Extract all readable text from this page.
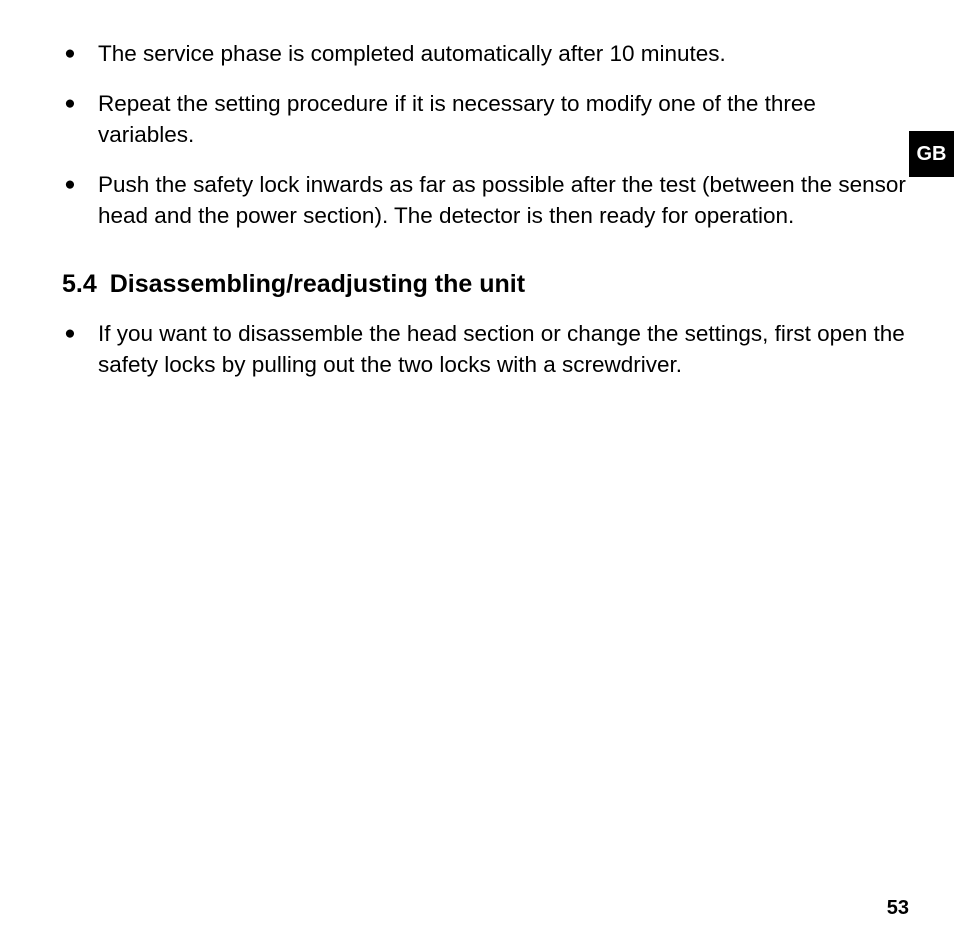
GB
● The service phase is completed automatically after 10 minutes.
● Repeat the setting procedure if it is necessary to modify one of the three variables.
● Push the safety lock inwards as far as possible after the test (between the sensor head and the power section). The detector is then ready for operation.
5.4 Disassembling/readjusting the unit
● If you want to disassemble the head section or change the settings, first open the safety locks by pulling out the two locks with a screwdriver.
53
